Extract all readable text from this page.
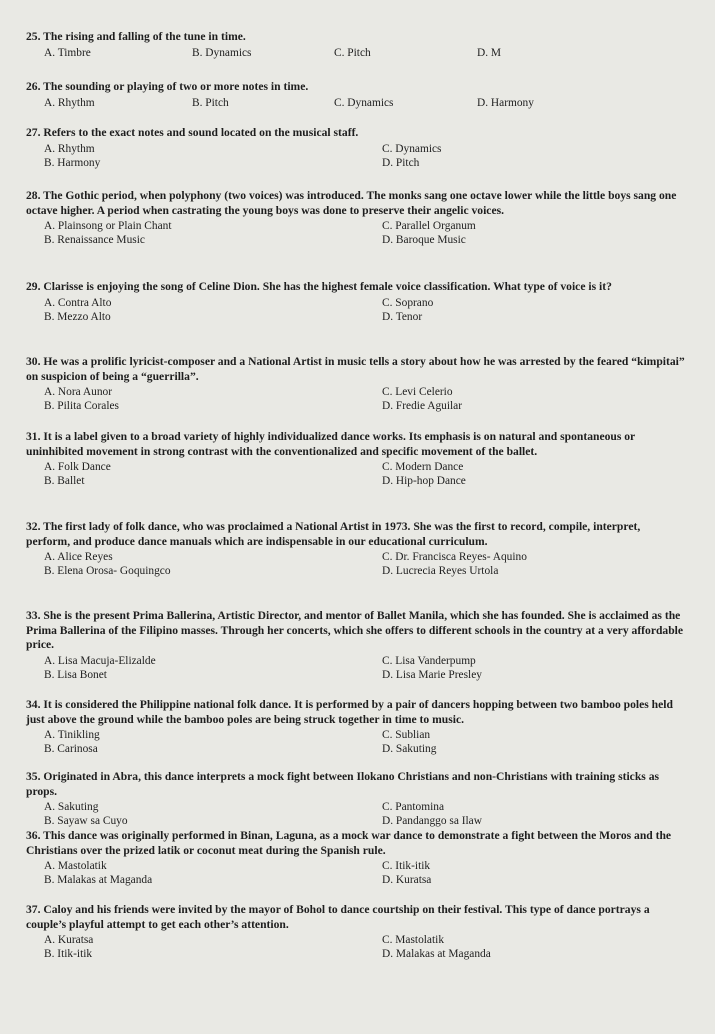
25. The rising and falling of the tune in time.

A. Timbre	B. Dynamics	C. Pitch	D. M

26. The sounding or playing of two or more notes in time.

A. Rhythm	B. Pitch	C. Dynamics	D. Harmony

27. Refers to the exact notes and sound located on the musical staff.

A. Rhythm	C. Dynamics
B. Harmony	D. Pitch

28. The Gothic period, when polyphony (two voices) was introduced. The monks sang one octave lower while the little boys sang one octave higher. A period when castrating the young boys was done to preserve their angelic voices.

A. Plainsong or Plain Chant	C. Parallel Organum
B. Renaissance Music	D. Baroque Music

29. Clarisse is enjoying the song of Celine Dion. She has the highest female voice classification. What type of voice is it?

A. Contra Alto	C. Soprano
B. Mezzo Alto	D. Tenor

30. He was a prolific lyricist-composer and a National Artist in music tells a story about how he was arrested by the feared “kimpitai” on suspicion of being a “guerrilla”.

A. Nora Aunor	C. Levi Celerio
B. Pilita Corales	D. Fredie Aguilar

31. It is a label given to a broad variety of highly individualized dance works. Its emphasis is on natural and spontaneous or uninhibited movement in strong contrast with the conventionalized and specific movement of the ballet.

A. Folk Dance	C. Modern Dance
B. Ballet	D. Hip-hop Dance

32. The first lady of folk dance, who was proclaimed a National Artist in 1973. She was the first to record, compile, interpret, perform, and produce dance manuals which are indispensable in our educational curriculum.

A. Alice Reyes	C. Dr. Francisca Reyes- Aquino
B. Elena Orosa- Goquingco	D. Lucrecia Reyes Urtola

33. She is the present Prima Ballerina, Artistic Director, and mentor of Ballet Manila, which she has founded. She is acclaimed as the Prima Ballerina of the Filipino masses. Through her concerts, which she offers to different schools in the country at a very affordable price.

A. Lisa Macuja-Elizalde	C. Lisa Vanderpump
B. Lisa Bonet	D. Lisa Marie Presley

34. It is considered the Philippine national folk dance. It is performed by a pair of dancers hopping between two bamboo poles held just above the ground while the bamboo poles are being struck together in time to music.

A. Tinikling	C. Sublian
B. Carinosa	D. Sakuting

35. Originated in Abra, this dance interprets a mock fight between Ilokano Christians and non-Christians with training sticks as props.

A. Sakuting	C. Pantomina
B. Sayaw sa Cuyo	D. Pandanggo sa Ilaw

36. This dance was originally performed in Binan, Laguna, as a mock war dance to demonstrate a fight between the Moros and the Christians over the prized latik or coconut meat during the Spanish rule.

A. Mastolatik	C. Itik-itik
B. Malakas at Maganda	D. Kuratsa

37. Caloy and his friends were invited by the mayor of Bohol to dance courtship on their festival. This type of dance portrays a couple’s playful attempt to get each other’s attention.

A. Kuratsa	C. Mastolatik
B. Itik-itik	D. Malakas at Maganda
